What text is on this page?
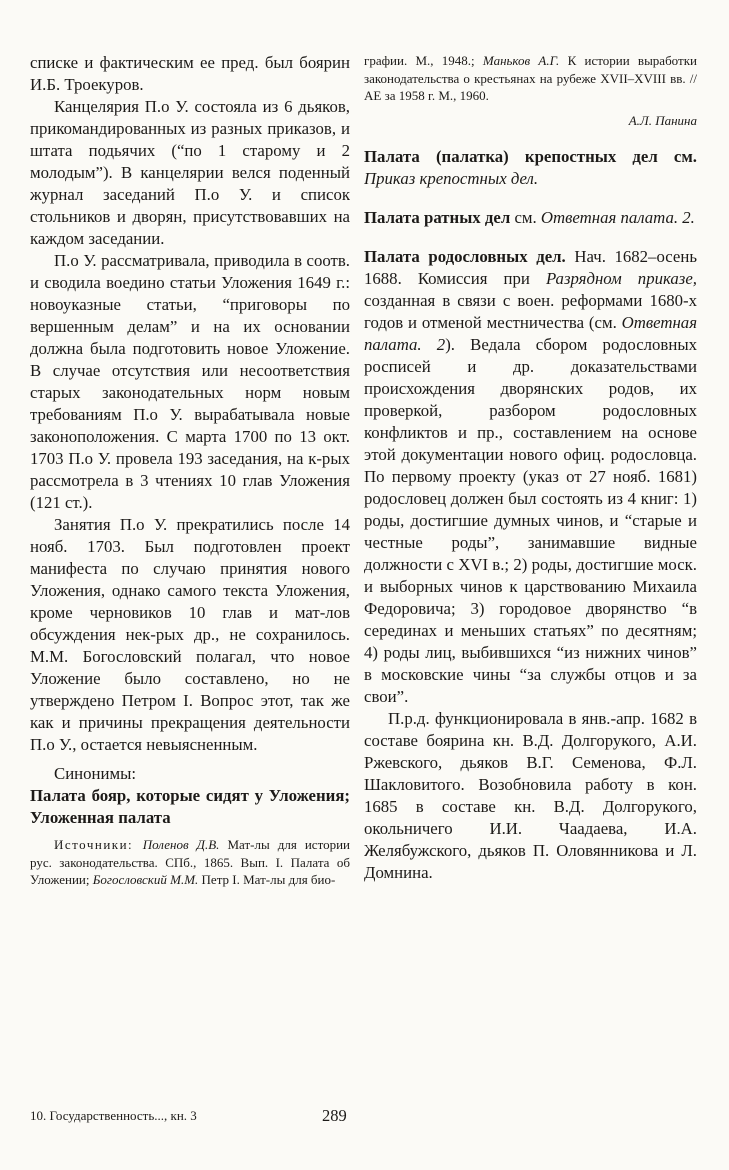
списке и фактическим ее пред. был боярин И.Б. Троекуров.

Канцелярия П.о У. состояла из 6 дьяков, прикомандированных из разных приказов, и штата подьячих (“по 1 старому и 2 молодым”). В канцелярии велся поденный журнал заседаний П.о У. и список стольников и дворян, присутствовавших на каждом заседании.

П.о У. рассматривала, приводила в соотв. и сводила воедино статьи Уложения 1649 г.: новоуказные статьи, “приговоры по вершенным делам” и на их основании должна была подготовить новое Уложение. В случае отсутствия или несоответствия старых законодательных норм новым требованиям П.о У. вырабатывала новые законоположения. С марта 1700 по 13 окт. 1703 П.о У. провела 193 заседания, на к-рых рассмотрела в 3 чтениях 10 глав Уложения (121 ст.).

Занятия П.о У. прекратились после 14 нояб. 1703. Был подготовлен проект манифеста по случаю принятия нового Уложения, однако самого текста Уложения, кроме черновиков 10 глав и мат-лов обсуждения нек-рых др., не сохранилось. М.М. Богословский полагал, что новое Уложение было составлено, но не утверждено Петром I. Вопрос этот, так же как и причины прекращения деятельности П.о У., остается невыясненным.

Синонимы:

Палата бояр, которые сидят у Уложения; Уложенная палата

Источники: Поленов Д.В. Мат-лы для истории рус. законодательства. СПб., 1865. Вып. I. Палата об Уложении; Богословский М.М. Петр I. Мат-лы для био-

графии. М., 1948.; Маньков А.Г. К истории выработки законодательства о крестьянах на рубеже XVII–XVIII вв. // АЕ за 1958 г. М., 1960.

А.Л. Панина

Палата (палатка) крепостных дел см. Приказ крепостных дел.

Палата ратных дел см. Ответная палата. 2.

Палата родословных дел. Нач. 1682–осень 1688. Комиссия при Разрядном приказе, созданная в связи с воен. реформами 1680-х годов и отменой местничества (см. Ответная палата. 2). Ведала сбором родословных росписей и др. доказательствами происхождения дворянских родов, их проверкой, разбором родословных конфликтов и пр., составлением на основе этой документации нового офиц. родословца. По первому проекту (указ от 27 нояб. 1681) родословец должен был состоять из 4 книг: 1) роды, достигшие думных чинов, и “старые и честные роды”, занимавшие видные должности с XVI в.; 2) роды, достигшие моск. и выборных чинов к царствованию Михаила Федоровича; 3) городовое дворянство “в серединах и меньших статьях” по десятням; 4) роды лиц, выбившихся “из нижних чинов” в московские чины “за службы отцов и за свои”.

П.р.д. функционировала в янв.-апр. 1682 в составе боярина кн. В.Д. Долгорукого, А.И. Ржевского, дьяков В.Г. Семенова, Ф.Л. Шакловитого. Возобновила работу в кон. 1685 в составе кн. В.Д. Долгорукого, окольничего И.И. Чаадаева, И.А. Желябужского, дьяков П. Оловянникова и Л. Домнина.

10. Государственность..., кн. 3	289
